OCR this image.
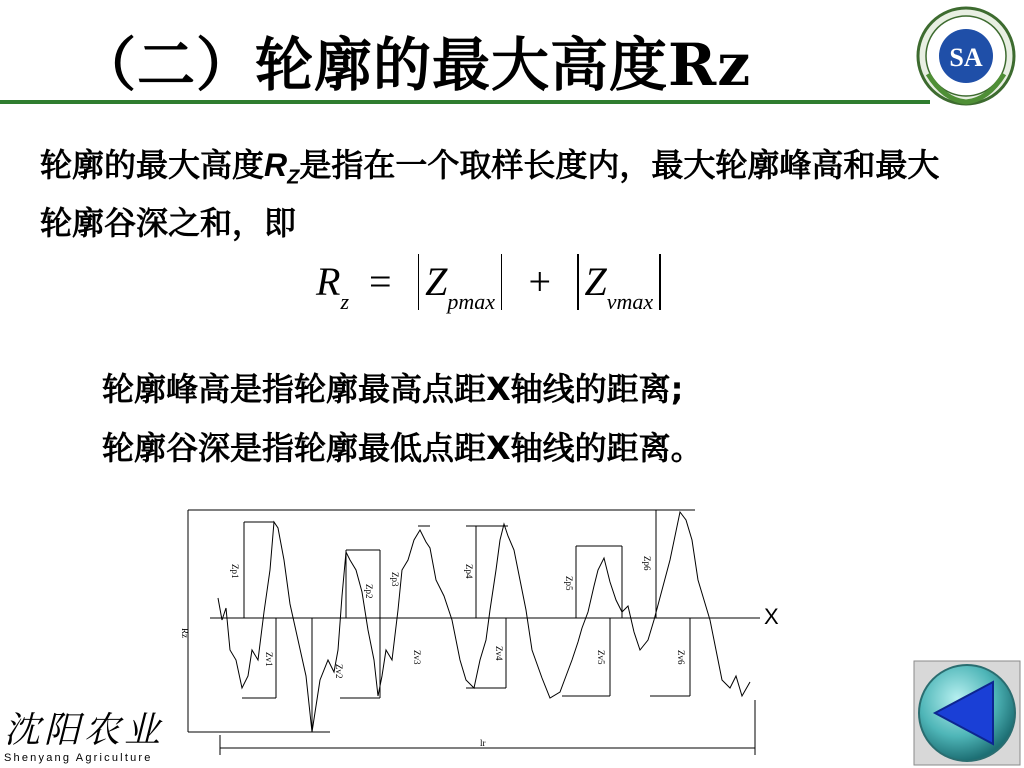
（二）轮廓的最大高度Rz	SA
轮廓的最大高度$R_Z$是指在一个取样长度内，最大轮廓峰高和最大轮廓谷深之和，即
$R_z = Z_{pmax} + Z_{vmax}$
轮廓峰高是指轮廓最高点距X轴线的距离;
轮廓谷深是指轮廓最低点距X轴线的距离。
Rz
Zp1
Zp2
Zp3
Zp4
Zp5
Zp6
Zv1
Zv2
Zv3	Zv4	Zv5	Zv6
lr
X
沈阳农业
Shenyang Agriculture
